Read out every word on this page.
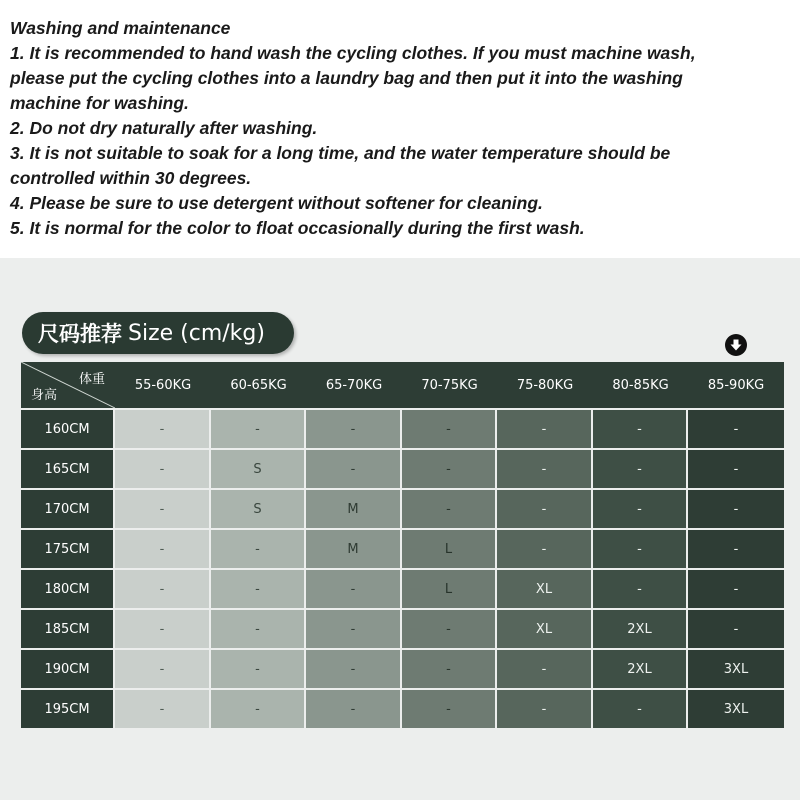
Washing and maintenance
1. It is recommended to hand wash the cycling clothes. If you must machine wash,
please put the cycling clothes into a laundry bag and then put it into the washing
machine for washing.
2. Do not dry naturally after washing.
3. It is not suitable to soak for a long time, and the water temperature should be
controlled within 30 degrees.
4. Please be sure to use detergent without softener for cleaning.
5. It is normal for the color to float occasionally during the first wash.
尺码推荐 Size (cm/kg)
体重
身高	55-60KG	60-65KG	65-70KG	70-75KG	75-80KG	80-85KG	85-90KG
160CM	-	-	-	-	-	-	-
165CM	-	S	-	-	-	-	-
170CM	-	S	M	-	-	-	-
175CM	-	-	M	L	-	-	-
180CM	-	-	-	L	XL	-	-
185CM	-	-	-	-	XL	2XL	-
190CM	-	-	-	-	-	2XL	3XL
195CM	-	-	-	-	-	-	3XL
